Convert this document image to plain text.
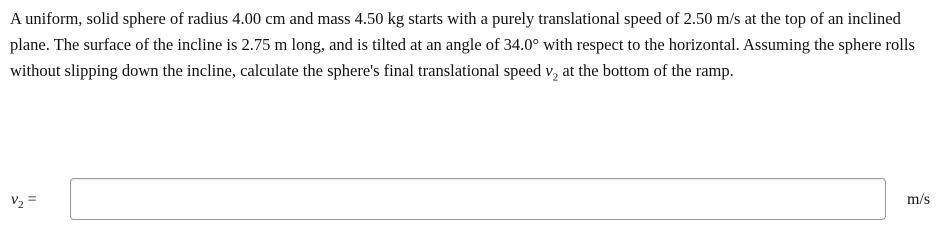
A uniform, solid sphere of radius 4.00 cm and mass 4.50 kg starts with a purely translational speed of 2.50 m/s at the top of an inclined plane. The surface of the incline is 2.75 m long, and is tilted at an angle of 34.0° with respect to the horizontal. Assuming the sphere rolls without slipping down the incline, calculate the sphere's final translational speed $v_2$ at the bottom of the ramp.
$v_2$ =	m/s
